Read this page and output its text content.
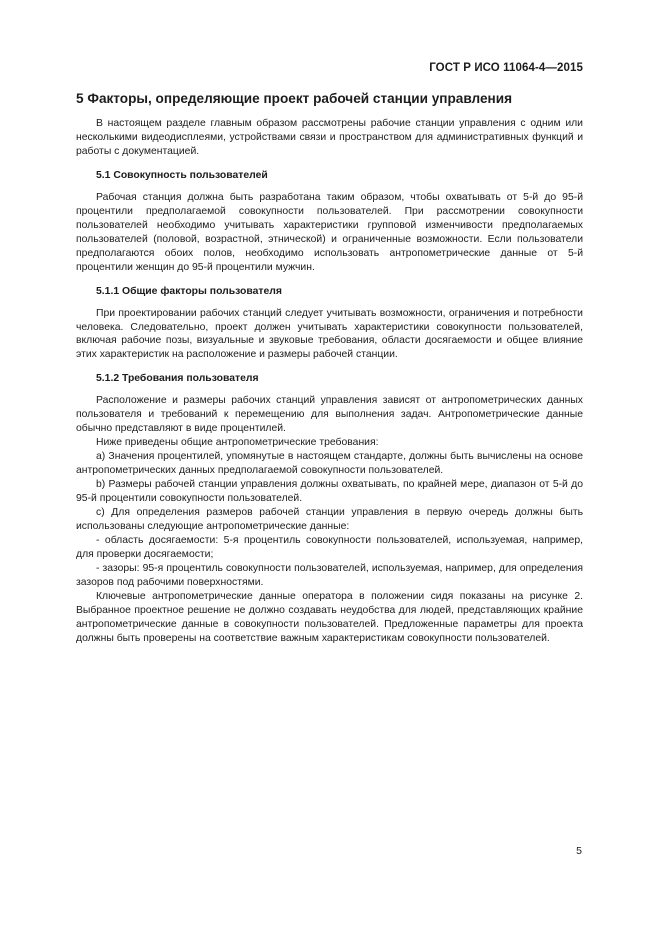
ГОСТ Р ИСО 11064-4—2015
5 Факторы, определяющие проект рабочей станции управления

В настоящем разделе главным образом рассмотрены рабочие станции управления с одним или несколькими видеодисплеями, устройствами связи и пространством для административных функций и работы с документацией.

5.1 Совокупность пользователей

Рабочая станция должна быть разработана таким образом, чтобы охватывать от 5-й до 95-й процентили предполагаемой совокупности пользователей. При рассмотрении совокупности пользователей необходимо учитывать характеристики групповой изменчивости предполагаемых пользователей (половой, возрастной, этнической) и ограниченные возможности. Если пользователи предполагаются обоих полов, необходимо использовать антропометрические данные от 5-й процентили женщин до 95-й процентили мужчин.

5.1.1 Общие факторы пользователя

При проектировании рабочих станций следует учитывать возможности, ограничения и потребности человека. Следовательно, проект должен учитывать характеристики совокупности пользователей, включая рабочие позы, визуальные и звуковые требования, области досягаемости и общее влияние этих характеристик на расположение и размеры рабочей станции.

5.1.2 Требования пользователя

Расположение и размеры рабочих станций управления зависят от антропометрических данных пользователя и требований к перемещению для выполнения задач. Антропометрические данные обычно представляют в виде процентилей.

Ниже приведены общие антропометрические требования:

a) Значения процентилей, упомянутые в настоящем стандарте, должны быть вычислены на основе антропометрических данных предполагаемой совокупности пользователей.

b) Размеры рабочей станции управления должны охватывать, по крайней мере, диапазон от 5-й до 95-й процентили совокупности пользователей.

c) Для определения размеров рабочей станции управления в первую очередь должны быть использованы следующие антропометрические данные:

- область досягаемости: 5-я процентиль совокупности пользователей, используемая, например, для проверки досягаемости;

- зазоры: 95-я процентиль совокупности пользователей, используемая, например, для определения зазоров под рабочими поверхностями.

Ключевые антропометрические данные оператора в положении сидя показаны на рисунке 2. Выбранное проектное решение не должно создавать неудобства для людей, представляющих крайние антропометрические данные в совокупности пользователей. Предложенные параметры для проекта должны быть проверены на соответствие важным характеристикам совокупности пользователей.

5
